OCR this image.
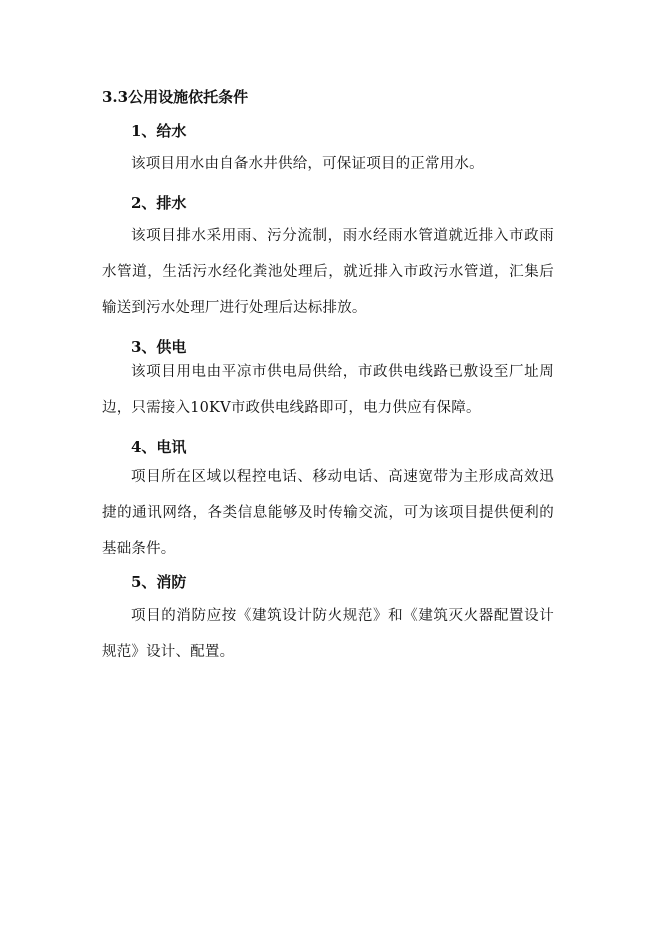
3.3公用设施依托条件
1、给水
该项目用水由自备水井供给，可保证项目的正常用水。
2、排水
该项目排水采用雨、污分流制，雨水经雨水管道就近排入市政雨水管道，生活污水经化粪池处理后，就近排入市政污水管道，汇集后输送到污水处理厂进行处理后达标排放。
3、供电
该项目用电由平凉市供电局供给，市政供电线路已敷设至厂址周边，只需接入10KV市政供电线路即可，电力供应有保障。
4、电讯
项目所在区域以程控电话、移动电话、高速宽带为主形成高效迅捷的通讯网络，各类信息能够及时传输交流，可为该项目提供便利的基础条件。
5、消防
项目的消防应按《建筑设计防火规范》和《建筑灭火器配置设计规范》设计、配置。
